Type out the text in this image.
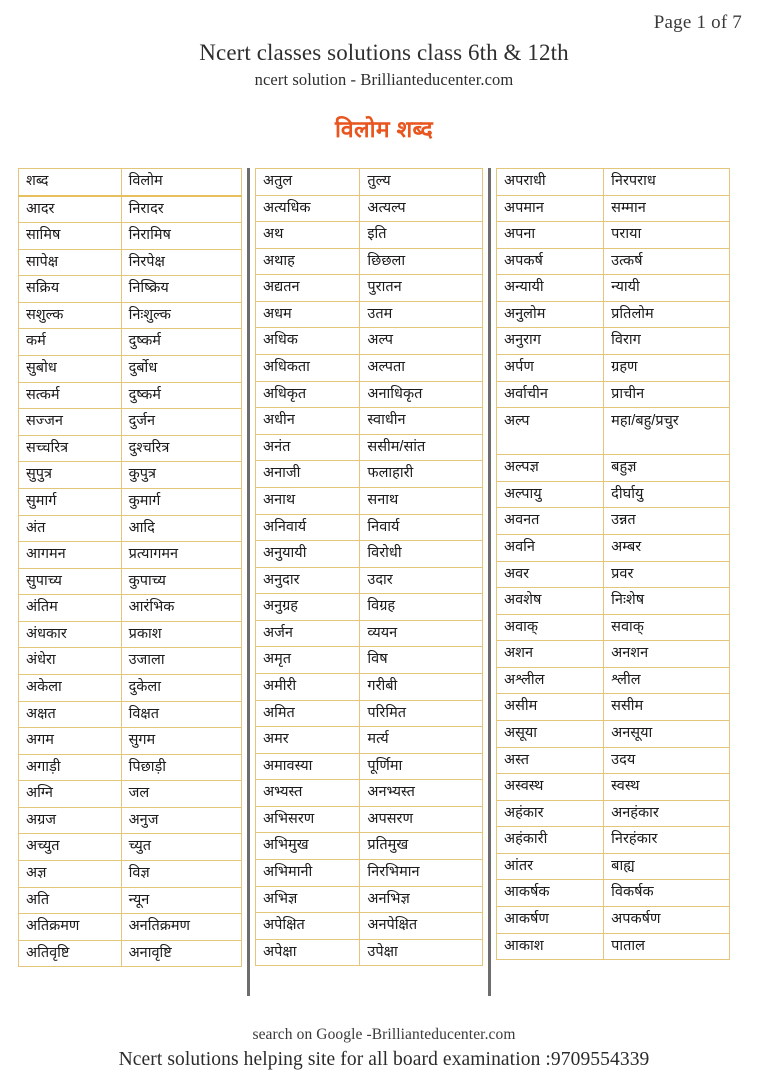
Page 1 of 7
Ncert classes solutions class 6th & 12th
ncert solution - Brillianteducenter.com
विलोम शब्द
शब्द	विलोम
आदर	निरादर
सामिष	निरामिष
सापेक्ष	निरपेक्ष
सक्रिय	निष्क्रिय
सशुल्क	निःशुल्क
कर्म	दुष्कर्म
सुबोध	दुर्बोध
सत्कर्म	दुष्कर्म
सज्जन	दुर्जन
सच्चरित्र	दुश्चरित्र
सुपुत्र	कुपुत्र
सुमार्ग	कुमार्ग
अंत	आदि
आगमन	प्रत्यागमन
सुपाच्य	कुपाच्य
अंतिम	आरंभिक
अंधकार	प्रकाश
अंधेरा	उजाला
अकेला	दुकेला
अक्षत	विक्षत
अगम	सुगम
अगाड़ी	पिछाड़ी
अग्नि	जल
अग्रज	अनुज
अच्युत	च्युत
अज्ञ	विज्ञ
अति	न्यून
अतिक्रमण	अनतिक्रमण
अतिवृष्टि	अनावृष्टि
अतुल	तुल्य
अत्यधिक	अत्यल्प
अथ	इति
अथाह	छिछला
अद्यतन	पुरातन
अधम	उतम
अधिक	अल्प
अधिकता	अल्पता
अधिकृत	अनाधिकृत
अधीन	स्वाधीन
अनंत	ससीम/सांत
अनाजी	फलाहारी
अनाथ	सनाथ
अनिवार्य	निवार्य
अनुयायी	विरोधी
अनुदार	उदार
अनुग्रह	विग्रह
अर्जन	व्ययन
अमृत	विष
अमीरी	गरीबी
अमित	परिमित
अमर	मर्त्य
अमावस्या	पूर्णिमा
अभ्यस्त	अनभ्यस्त
अभिसरण	अपसरण
अभिमुख	प्रतिमुख
अभिमानी	निरभिमान
अभिज्ञ	अनभिज्ञ
अपेक्षित	अनपेक्षित
अपेक्षा	उपेक्षा
अपराधी	निरपराध
अपमान	सम्मान
अपना	पराया
अपकर्ष	उत्कर्ष
अन्यायी	न्यायी
अनुलोम	प्रतिलोम
अनुराग	विराग
अर्पण	ग्रहण
अर्वाचीन	प्राचीन
अल्प	महा/बहु/प्रचुर
अल्पज्ञ	बहुज्ञ
अल्पायु	दीर्घायु
अवनत	उन्नत
अवनि	अम्बर
अवर	प्रवर
अवशेष	निःशेष
अवाक्	सवाक्
अशन	अनशन
अश्लील	श्लील
असीम	ससीम
असूया	अनसूया
अस्त	उदय
अस्वस्थ	स्वस्थ
अहंकार	अनहंकार
अहंकारी	निरहंकार
आंतर	बाह्य
आकर्षक	विकर्षक
आकर्षण	अपकर्षण
आकाश	पाताल
search on Google -Brillianteducenter.com
Ncert solutions helping site for all board examination :9709554339
